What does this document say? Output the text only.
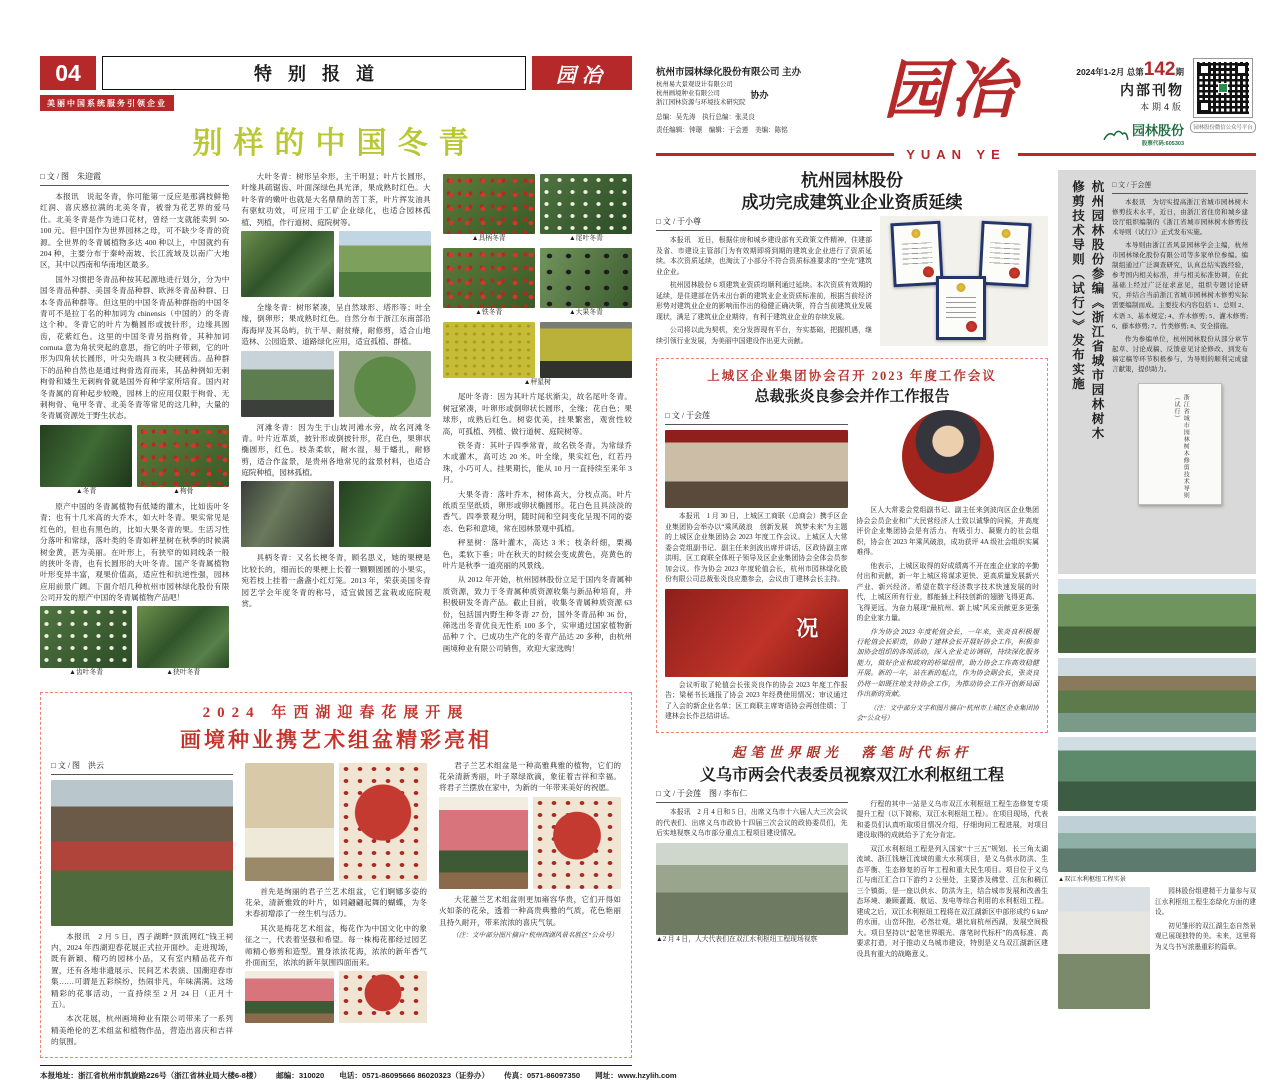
04	特别报道	园冶
美丽中国系统服务引领企业
别样的中国冬青
□ 文 / 图　朱迎霞

本报讯　说起冬青，你可能第一反应是那满枝鲜艳红润、喜庆感拉满的北美冬青，被誉为花艺界的爱马仕。北美冬青是作为进口花材，曾经一支就能卖到 50-100 元。但中国作为世界园林之母，可不缺少冬青的资源。全世界的冬青属植物多达 400 种以上，中国就约有 204 种，主要分布于秦岭南坡、长江流域及以南广大地区，其中以西南和华南地区最多。

国外习惯把冬青品种按其起源地进行划分，分为中国冬青品种群、美国冬青品种群、欧洲冬青品种群、日本冬青品种群等。但这里的中国冬青品种群指的中国冬青可不是拉丁名的种加词为 chinensis（中国的）的冬青这个种。冬青它的叶片为椭圆形或披针形，边缘具圆齿，花紫红色。这里的中国冬青另指枸骨，其种加词 cornuta 意为角状突起的意思，指它的叶子带刺，它的叶形为四角状长圆形，叶尖先端具 3 枚尖硬刺齿。品种群下的品种自然也是通过枸骨选育而来，其品种例如无刺枸骨和矮生无刺枸骨就是国外育种学家所培育。国内对冬青属的育种起步较晚，园林上的应用仅限于枸骨、无刺枸骨、龟甲冬青、北美冬青等常见的这几种，大量的冬青属资源处于野生状态。

▲冬青	▲枸骨

原产中国的冬青属植物有低矮的灌木，比如齿叶冬青；也有十几米高的大乔木，如大叶冬青。果实常见是红色的，但也有黑色的，比如大果冬青的果。生活习性分落叶和常绿，落叶类的冬青如秤星树在秋季的时候满树金黄，甚为美丽。在叶形上，有狭窄的如同线条一般的狭叶冬青，也有长圆形的大叶冬青。国产冬青属植物叶形变异丰富，观果价值高，适应性和抗逆性强，园林应用前景广阔。下面介绍几种杭州市园林绿化股份有限公司开发的原产中国的冬青属植物产品吧！

▲齿叶冬青	▲狭叶冬青

大叶冬青：树形呈伞形，主干明显；叶片长圆形，叶缘具疏锯齿、叶面深绿色具光泽，果成熟时红色。大叶冬青的嫩叶也就是大名鼎鼎的苦丁茶，叶片挥发油具有驱蚊功效，可应用于工矿企业绿化，也适合园林孤植、列植，作行道树、庭院树等。

全缘冬青：树形紧凑，呈自然球形、塔形等；叶全缘，倒卵形；果成熟时红色。自然分布于浙江东南部沿海海岸及其岛屿，抗干旱、耐贫瘠，耐修剪，适合山地造林、公园造景、道路绿化应用，适宜孤植、群植。

河滩冬青：因为生于山坡河滩水旁，故名河滩冬青。叶片近革质，披针形或倒披针形，花白色，果卵状椭圆形，红色。枝条柔软，耐水湿，易于蟠扎，耐修剪，适合作盆景，是贵州各地常见的盆景材料，也适合庭院种植，园林孤植。

具柄冬青：又名长梗冬青，顾名思义，她的果梗是比较长的，细而长的果梗上长着一颗颗圆圆的小果实，宛若枝上挂着一盏盏小红灯笼。2013 年，荣获美国冬青园艺学会年度冬青的称号，适宜做园艺盆栽或庭院观赏。

▲具柄冬青	▲尾叶冬青
▲铁冬青	▲大果冬青
▲秤星树

尾叶冬青：因为其叶片尾状渐尖，故名尾叶冬青。树冠紧凑，叶卵形或倒卵状长圆形，全缘；花白色；果球形，成熟后红色。树姿优美，挂果繁密，观赏性较高，可孤植、列植、做行道树、庭院树等。

铁冬青：其叶子四季常青，故名铁冬青。为常绿乔木或灌木，高可达 20 米。叶全缘，果实红色，红若丹珠，小巧可人。挂果期长，能从 10 月一直持续至来年 3 月。

大果冬青：落叶乔木，树体高大，分枝点高。叶片纸质至坚纸质，卵形或卵状椭圆形。花白色且具淡淡的香气。四季景观分明，随时间和空间变化呈现不同的姿态、色彩和意境，常在园林景观中孤植。

秤星树：落叶灌木，高达 3 米；枝条纤细，栗褐色，柔软下垂；叶在秋天的时候会变成黄色，亮黄色的叶片是秋季一道亮丽的风景线。

从 2012 年开始，杭州园林股份立足于国内冬青属种质资源，致力于冬青属种质资源收集与新品种培育，并积极研发冬青产品。截止目前，收集冬青属种质资源 63 份，包括国内野生种冬青 27 份，国外冬青品种 36 份，筛选出冬青优良无性系 100 多个，实审通过国家植物新品种 7 个。已成功生产化的冬青产品达 20 多种，由杭州画境种业有限公司销售，欢迎大家选购！

2024 年西湖迎春花展开展
画境种业携艺术组盆精彩亮相
□ 文 / 图　洪云

本报讯　2 月 5 日，西子湖畔“顶流网红”钱王祠内，2024 年西湖迎春花展正式拉开面纱。走进现场，既有新颖、精巧的园林小品，又有室内精品花卉布置，还有各地非遗展示、民间艺术表演、国潮迎春市集……可谓是五彩缤纷，热闹非凡，年味满满。这场精彩的花事活动，一直持续至 2 月 24 日（正月十五）。

本次花展，杭州画境种业有限公司带来了一系列精美绝伦的艺术组盆和植物作品，营造出喜庆和吉祥的氛围。

首先是绚丽的君子兰艺术组盆，它们婀娜多姿的花朵，清新雅致的叶片，如同翩翩起舞的蝴蝶，为冬末春初增添了一丝生机与活力。

其次是梅花艺术组盆，梅花作为中国文化中的象征之一，代表着坚强和希望。每一株梅花都经过园艺师精心修剪和造型。置身浓浓花海，浓浓的新年香气扑面而至，浓浓的新年氛围四面而来。

君子兰艺术组盆是一种高雅典雅的植物，它们的花朵清新秀丽，叶子翠绿欲滴，象征着吉祥和幸福。将君子兰摆放在家中，为新的一年带来美好的祝愿。

大花蕙兰艺术组盆则更加雍容华贵，它们开得如火如荼的花朵，透着一种高贵典雅的气质，花色艳丽且持久耐开，带来浓浓的喜庆气氛。

（注：文中部分图片摘自“杭州西湖风景名胜区”公众号）

本报地址：浙江省杭州市凯旋路226号（浙江省林业局大楼6-8楼） 邮编：310020 电话：0571-86095666 86020323（证券办） 传真：0571-86097350 网址：www.hzylih.com
杭州市园林绿化股份有限公司 主办
杭州易大景观设计有限公司
杭州画境种业有限公司
浙江园林资源与环境技术研究院
协办
总编：吴先涛　执行总编：张灵良
责任编辑：钟璟　编辑：于会莲　美编：陈铭
园冶	2024年1-2月 总第142期
内部刊物
本期4版
园林股份
股票代码:605303
园林股份微信公众号平台
YUAN YE
杭州园林股份
成功完成建筑业企业资质延续
□ 文 / 于小尊

本报讯　近日，根据住房和城乡建设部有关政策文件精神，住建部及省、市建设主管部门为有效期即将到期的建筑业企业进行了资质延续。本次资质延续，也淘汰了小部分不符合资质标准要求的“空壳”建筑业企业。

杭州园林股份 6 项建筑业资质均顺利通过延续。本次资质有效期的延续，是住建部在仍未出台新的建筑业企业资质标准前，根据当前经济形势对建筑业企业的影响而作出的稳健正确决策，符合当前建筑业发展现状，满足了建筑业企业期待，有利于建筑业企业的存续发展。

公司将以此为契机，充分发挥现有平台，夯实基础，把握机遇，继续引领行业发展，为美丽中国建设作出更大贡献。

上城区企业集团协会召开 2023 年度工作会议
总裁张炎良参会并作工作报告
□ 文 / 于会莲

本报讯　1 月 30 日，上城区工商联（总商会）携手区企业集团协会举办以“乘风破浪　创新发展　筑梦未来”为主题的上城区企业集团协会 2023 年度工作会议。上城区人大常委会党组副书记、副主任来剑波出席并讲话，区政协副主席洪明、区工商联全体班子领导及区企业集团协会全体会员参加会议。作为协会 2023 年度轮值会长，杭州市园林绿化股份有限公司总裁张炎良应邀参会，会议由丁建林会长主持。

况

会议听取了轮值会长张炎良作的协会 2023 年度工作报告；梁秘书长通报了协会 2023 年经费使用情况；审议通过了入会的新企业名单；区工商联主席寄语协会再创佳绩；丁建林会长作总结讲话。

区人大常委会党组副书记、副主任来剑波向区企业集团协会会员企业和广大民营经济人士致以诚挚的问候，并高度评价企业集团协会是有活力、有吸引力、凝聚力的社会组织，协会在 2023 年乘风破浪，成功获评 4A 级社会组织实属难得。

他表示，上城区取得的好成绩离不开在座企业家的辛勤付出和贡献，新一年上城区将谋求更快、更高质量发展新兴产业、新兴经济。希望在数字经济数字技术快速发展的时代，上城区所有行业，都能插上科技创新的翅膀飞得更高、飞得更远，为奋力展现“最杭州、新上城”风采贡献更多更强的企业家力量。

作为协会 2023 年度轮值会长，一年来，张炎良积极履行轮值会长职责，协助丁建林会长开展好协会工作，积极参加协会组织的各项活动，深入企业走访调研，持续深化服务能力，做好企业和政府的桥梁纽带，助力协会工作高效稳健开展。新的一年，站在新的起点，作为协会副会长，张炎良仍将一如既往地支持协会工作，为推动协会工作开创新局面作出新的贡献。

（注：文中部分文字和图片摘自“杭州市上城区企业集团协会”公众号）

起笔世界眼光　落笔时代标杆
义乌市两会代表委员视察双江水利枢纽工程
□ 文 / 于会莲　图 / 李布仁

本报讯　2 月 4 日和 5 日，出席义乌市十六届人大三次会议的代表们、出席义乌市政协十四届三次会议的政协委员们，先后实地视察义乌市部分重点工程项目建设情况。

▲2 月 4 日，人大代表们在双江水利枢纽工程现场视察

行程的其中一站是义乌市双江水利枢纽工程生态修复专项提升工程（以下简称，双江水利枢纽工程）。在项目现场，代表和委员们认真听取项目情况介绍，仔细询问工程进展，对项目建设取得的成就给予了充分肯定。

双江水利枢纽工程是列入国家“十三五”规划、长三角太湖流域、浙江钱塘江流域的重大水利项目，是义乌供水防洪、生态平衡、生态修复的百年工程和重大民生项目。项目位于义乌江与南江汇合口下游约 2 公里处，主要涉及佛堂、江东和稠江三个镇街，是一座以供水、防洪为主，结合城市发展和改善生态环境、兼顾灌溉、航运、发电等综合利用的水利枢纽工程。建成之后，双江水利枢纽工程将在双江湖新区中部形成约 6 km² 的水面，山峦环抱，必然壮观，堪比肩杭州西湖，发展空间极大。项目坚持以“起笔世界眼光、落笔时代标杆”的高标准、高要求打造，对于推动义乌城市建设，特别是义乌双江湖新区建设具有重大的战略意义。

杭州园林股份参编《浙江省城市园林树木
修剪技术导则（试行）》发布实施	□ 文 / 于会莲

本报讯　为切实提高浙江省城市园林树木修剪技术水平，近日，由浙江省住房和城乡建设厅组织编制的《浙江省城市园林树木修剪技术导则（试行）》正式发布实施。

本导则由浙江省风景园林学会主编，杭州市园林绿化股份有限公司等多家单位参编。编制组通过广泛调查研究，认真总结实践经验，参考国内相关标准，并与相关标准协调，在此基础上经过广泛征求意见，组织专题讨论研究，并结合当前浙江省城市园林树木修剪实际需要编制而成。主要技术内容包括 1、总则 2、术语 3、基本规定; 4、乔木修剪; 5、灌木修剪; 6、藤本修剪; 7、竹类修剪; 8、安全措施。

作为参编单位，杭州园林股份从部分章节起草、讨论成稿、反馈意见讨论修改、到发布稿定稿等环节积极参与，为导则的顺利完成建言献策，提供助力。

浙江省城市园林树木修剪技术导则（试行）
▲双江水利枢纽工程实景

园林股份组建精干力量参与双江水利枢纽工程生态绿化方面的建设。

初见雏形的双江湖生态自然景观已展现独特的美。未来，这里将为义乌书写浓墨重彩的篇章。
